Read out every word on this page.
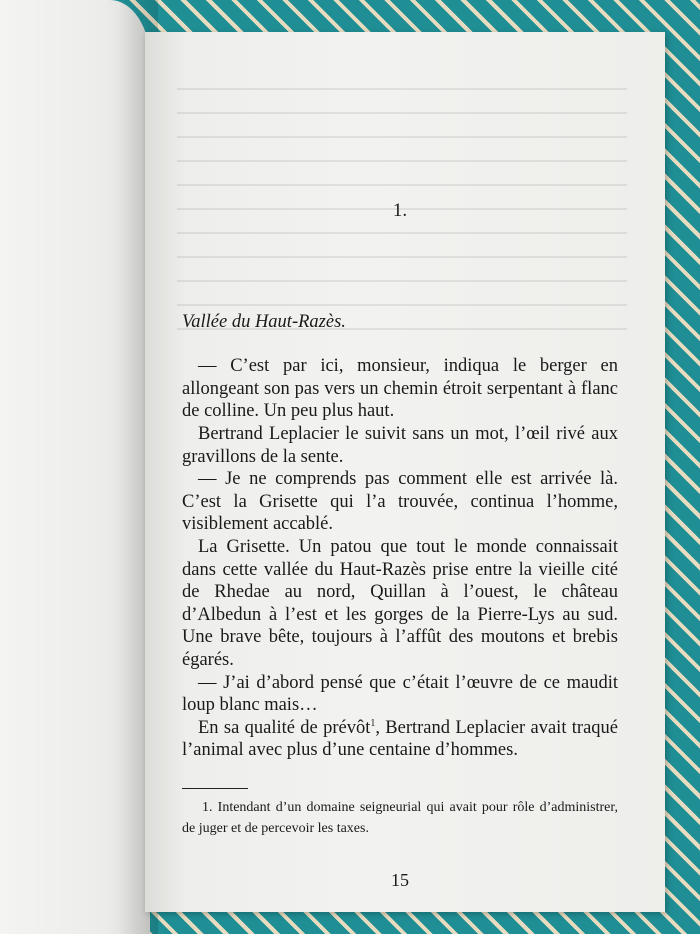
1.
Vallée du Haut-Razès.

— C’est par ici, monsieur, indiqua le berger en allongeant son pas vers un chemin étroit serpentant à flanc de colline. Un peu plus haut.

Bertrand Leplacier le suivit sans un mot, l’œil rivé aux gravillons de la sente.

— Je ne comprends pas comment elle est arrivée là. C’est la Grisette qui l’a trouvée, continua l’homme, visiblement accablé.

La Grisette. Un patou que tout le monde connaissait dans cette vallée du Haut-Razès prise entre la vieille cité de Rhedae au nord, Quillan à l’ouest, le château d’Albedun à l’est et les gorges de la Pierre-Lys au sud. Une brave bête, toujours à l’affût des moutons et brebis égarés.

— J’ai d’abord pensé que c’était l’œuvre de ce maudit loup blanc mais…

En sa qualité de prévôt$^1$, Bertrand Leplacier avait traqué l’animal avec plus d’une centaine d’hommes.

1. Intendant d’un domaine seigneurial qui avait pour rôle d’administrer, de juger et de percevoir les taxes.
15
